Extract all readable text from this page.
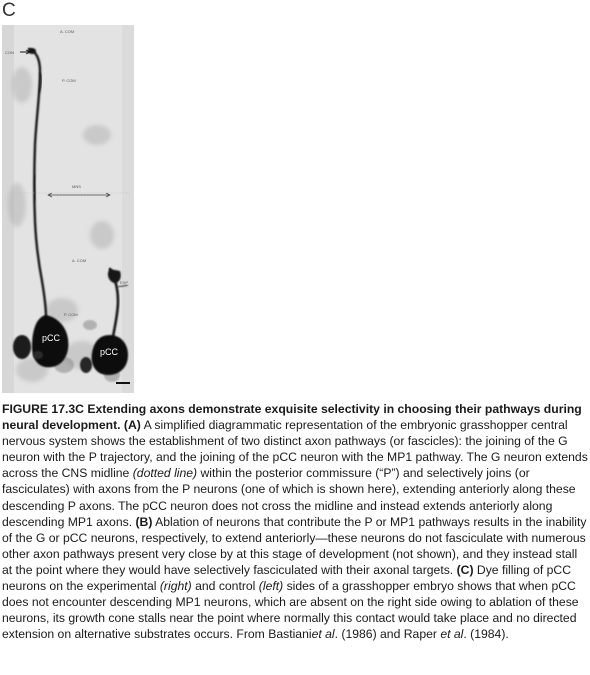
C
A. COM
CON
P. COM
MNS
A. COM
EXP
P. COM
pCC
pCC
FIGURE 17.3C Extending axons demonstrate exquisite selectivity in choosing their pathways during neural development. (A) A simplified diagrammatic representation of the embryonic grasshopper central nervous system shows the establishment of two distinct axon pathways (or fascicles): the joining of the G neuron with the P trajectory, and the joining of the pCC neuron with the MP1 pathway. The G neuron extends across the CNS midline (dotted line) within the posterior commissure (“P”) and selectively joins (or fasciculates) with axons from the P neurons (one of which is shown here), extending anteriorly along these descending P axons. The pCC neuron does not cross the midline and instead extends anteriorly along descending MP1 axons. (B) Ablation of neurons that contribute the P or MP1 pathways results in the inability of the G or pCC neurons, respectively, to extend anteriorly—these neurons do not fasciculate with numerous other axon pathways present very close by at this stage of development (not shown), and they instead stall at the point where they would have selectively fasciculated with their axonal targets. (C) Dye filling of pCC neurons on the experimental (right) and control (left) sides of a grasshopper embryo shows that when pCC does not encounter descending MP1 neurons, which are absent on the right side owing to ablation of these neurons, its growth cone stalls near the point where normally this contact would take place and no directed extension on alternative substrates occurs. From Bastianiet al. (1986) and Raper et al. (1984).
